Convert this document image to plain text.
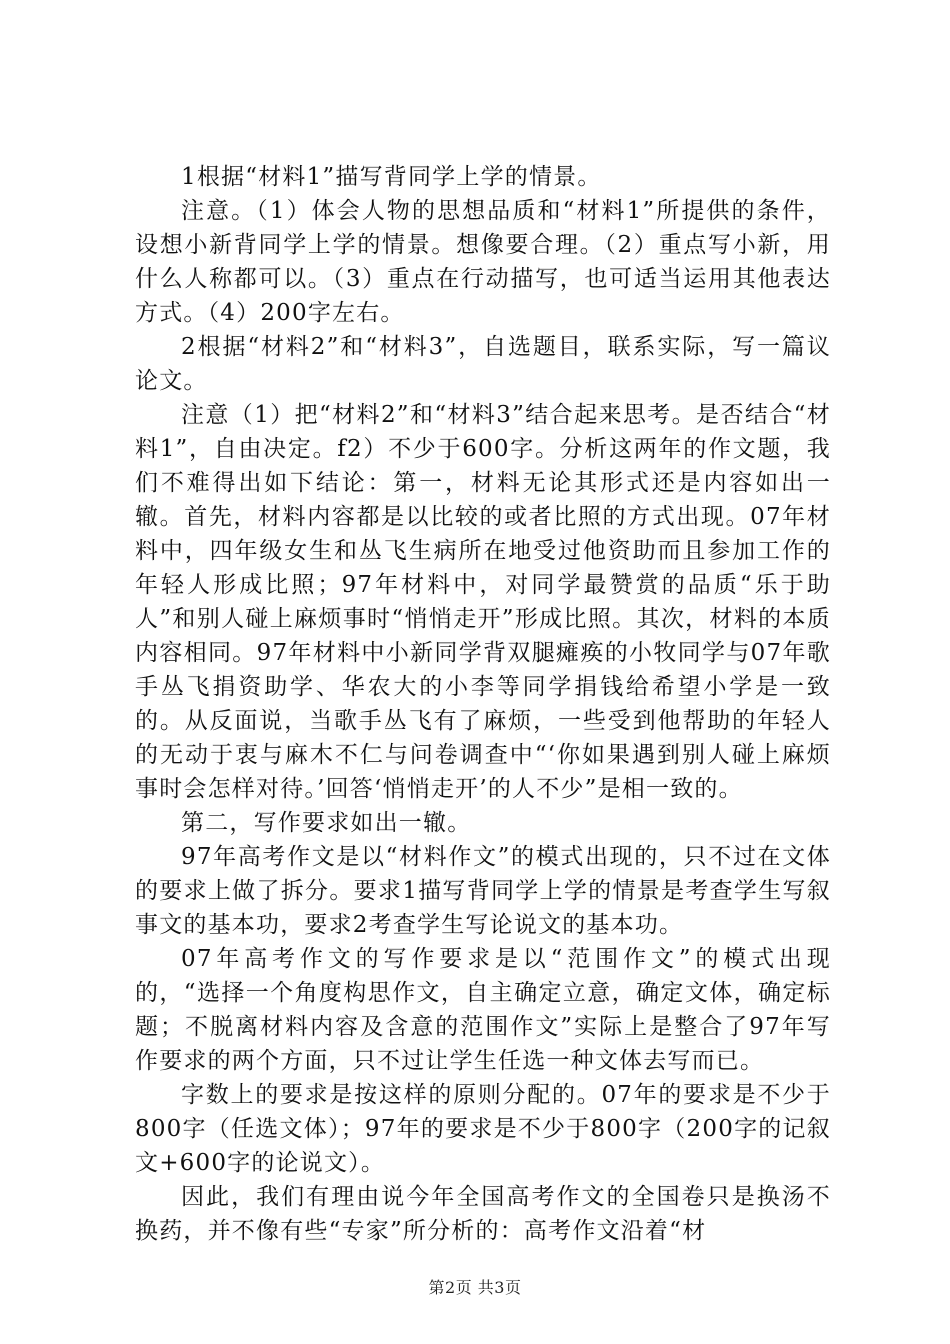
1根据“材料1”描写背同学上学的情景。

注意。（1）体会人物的思想品质和“材料1”所提供的条件，设想小新背同学上学的情景。想像要合理。（2）重点写小新，用什么人称都可以。（3）重点在行动描写，也可适当运用其他表达方式。（4）200字左右。

2根据“材料2”和“材料3”，自选题目，联系实际，写一篇议论文。

注意（1）把“材料2”和“材料3”结合起来思考。是否结合“材料1”，自由决定。f2）不少于600字。分析这两年的作文题，我们不难得出如下结论：第一，材料无论其形式还是内容如出一辙。首先，材料内容都是以比较的或者比照的方式出现。07年材料中，四年级女生和丛飞生病所在地受过他资助而且参加工作的年轻人形成比照；97年材料中，对同学最赞赏的品质“乐于助人”和别人碰上麻烦事时“悄悄走开”形成比照。其次，材料的本质内容相同。97年材料中小新同学背双腿瘫痪的小牧同学与07年歌手丛飞捐资助学、华农大的小李等同学捐钱给希望小学是一致的。从反面说，当歌手丛飞有了麻烦，一些受到他帮助的年轻人的无动于衷与麻木不仁与问卷调查中“‘你如果遇到别人碰上麻烦事时会怎样对待。’回答‘悄悄走开’的人不少”是相一致的。

第二，写作要求如出一辙。

97年高考作文是以“材料作文”的模式出现的，只不过在文体的要求上做了拆分。要求1描写背同学上学的情景是考查学生写叙事文的基本功，要求2考查学生写论说文的基本功。

07年高考作文的写作要求是以“范围作文”的模式出现的，“选择一个角度构思作文，自主确定立意，确定文体，确定标题；不脱离材料内容及含意的范围作文”实际上是整合了97年写作要求的两个方面，只不过让学生任选一种文体去写而已。

字数上的要求是按这样的原则分配的。07年的要求是不少于800字（任选文体）；97年的要求是不少于800字（200字的记叙文+600字的论说文）。

因此，我们有理由说今年全国高考作文的全国卷只是换汤不换药，并不像有些“专家”所分析的：高考作文沿着“材

第2页 共3页
